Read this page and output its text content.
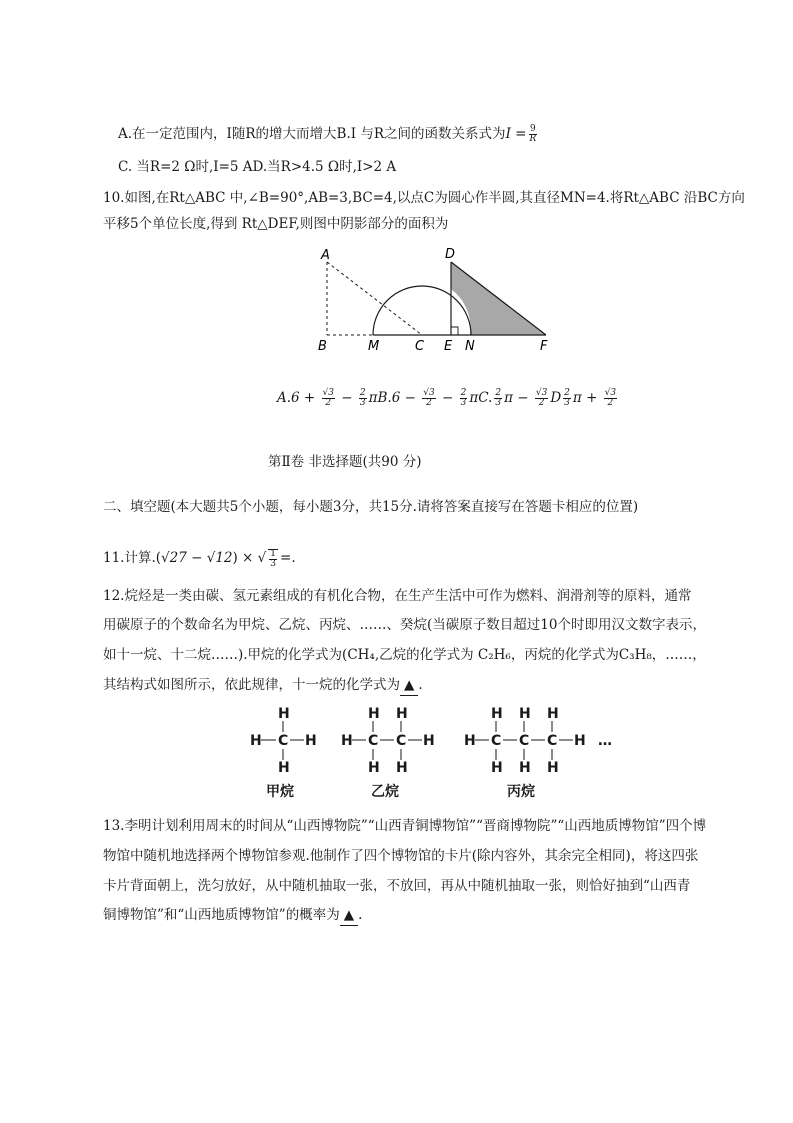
A.在一定范围内，I随R的增大而增大B.I 与R之间的函数关系式为$I = \frac{9}{R}$
C. 当R=2 Ω时,I=5 AD.当R>4.5 Ω时,I>2 A
10.如图,在Rt△ABC 中,∠B=90°,AB=3,BC=4,以点C为圆心作半圆,其直径MN=4.将Rt△ABC 沿BC方向
平移5个单位长度,得到 Rt△DEF,则图中阴影部分的面积为
A	D
B	M	C E N	F
$A.6 + \frac{√3}{2} - \frac{2}{3} \pi B.6 - \frac{√3}{2} - \frac{2}{3} \pi C$. $\frac{2}{3}$ $\pi - \frac{√3}{2}$ D $\frac{2}{3}$ $\pi + \frac{√3}{2}$
第Ⅱ卷 非选择题(共90 分)
二、填空题(本大题共5个小题，每小题3分，共15分.请将答案直接写在答题卡相应的位置)
11.计算.(√27 − √12) × √ $\frac{1}{3}$ =.
12.烷烃是一类由碳、氢元素组成的有机化合物，在生产生活中可作为燃料、润滑剂等的原料，通常
用碳原子的个数命名为甲烷、乙烷、丙烷、……、癸烷(当碳原子数目超过10个时即用汉文数字表示，
如十一烷、十二烷……).甲烷的化学式为(CH₄,乙烷的化学式为 C₂H₆，丙烷的化学式为C₃H₈，……，
其结构式如图所示，依此规律，十一烷的化学式为 ▲ .
H
H C H
H
H H
H C C H
H H
H H H
H C C C H
H H H
…
甲烷	乙烷	丙烷
13.李明计划利用周末的时间从“山西博物院”“山西青铜博物馆”“晋商博物院”“山西地质博物馆”四个博
物馆中随机地选择两个博物馆参观.他制作了四个博物馆的卡片(除内容外，其余完全相同)，将这四张
卡片背面朝上，洗匀放好，从中随机抽取一张，不放回，再从中随机抽取一张，则恰好抽到“山西青
铜博物馆”和“山西地质博物馆”的概率为 ▲ .
